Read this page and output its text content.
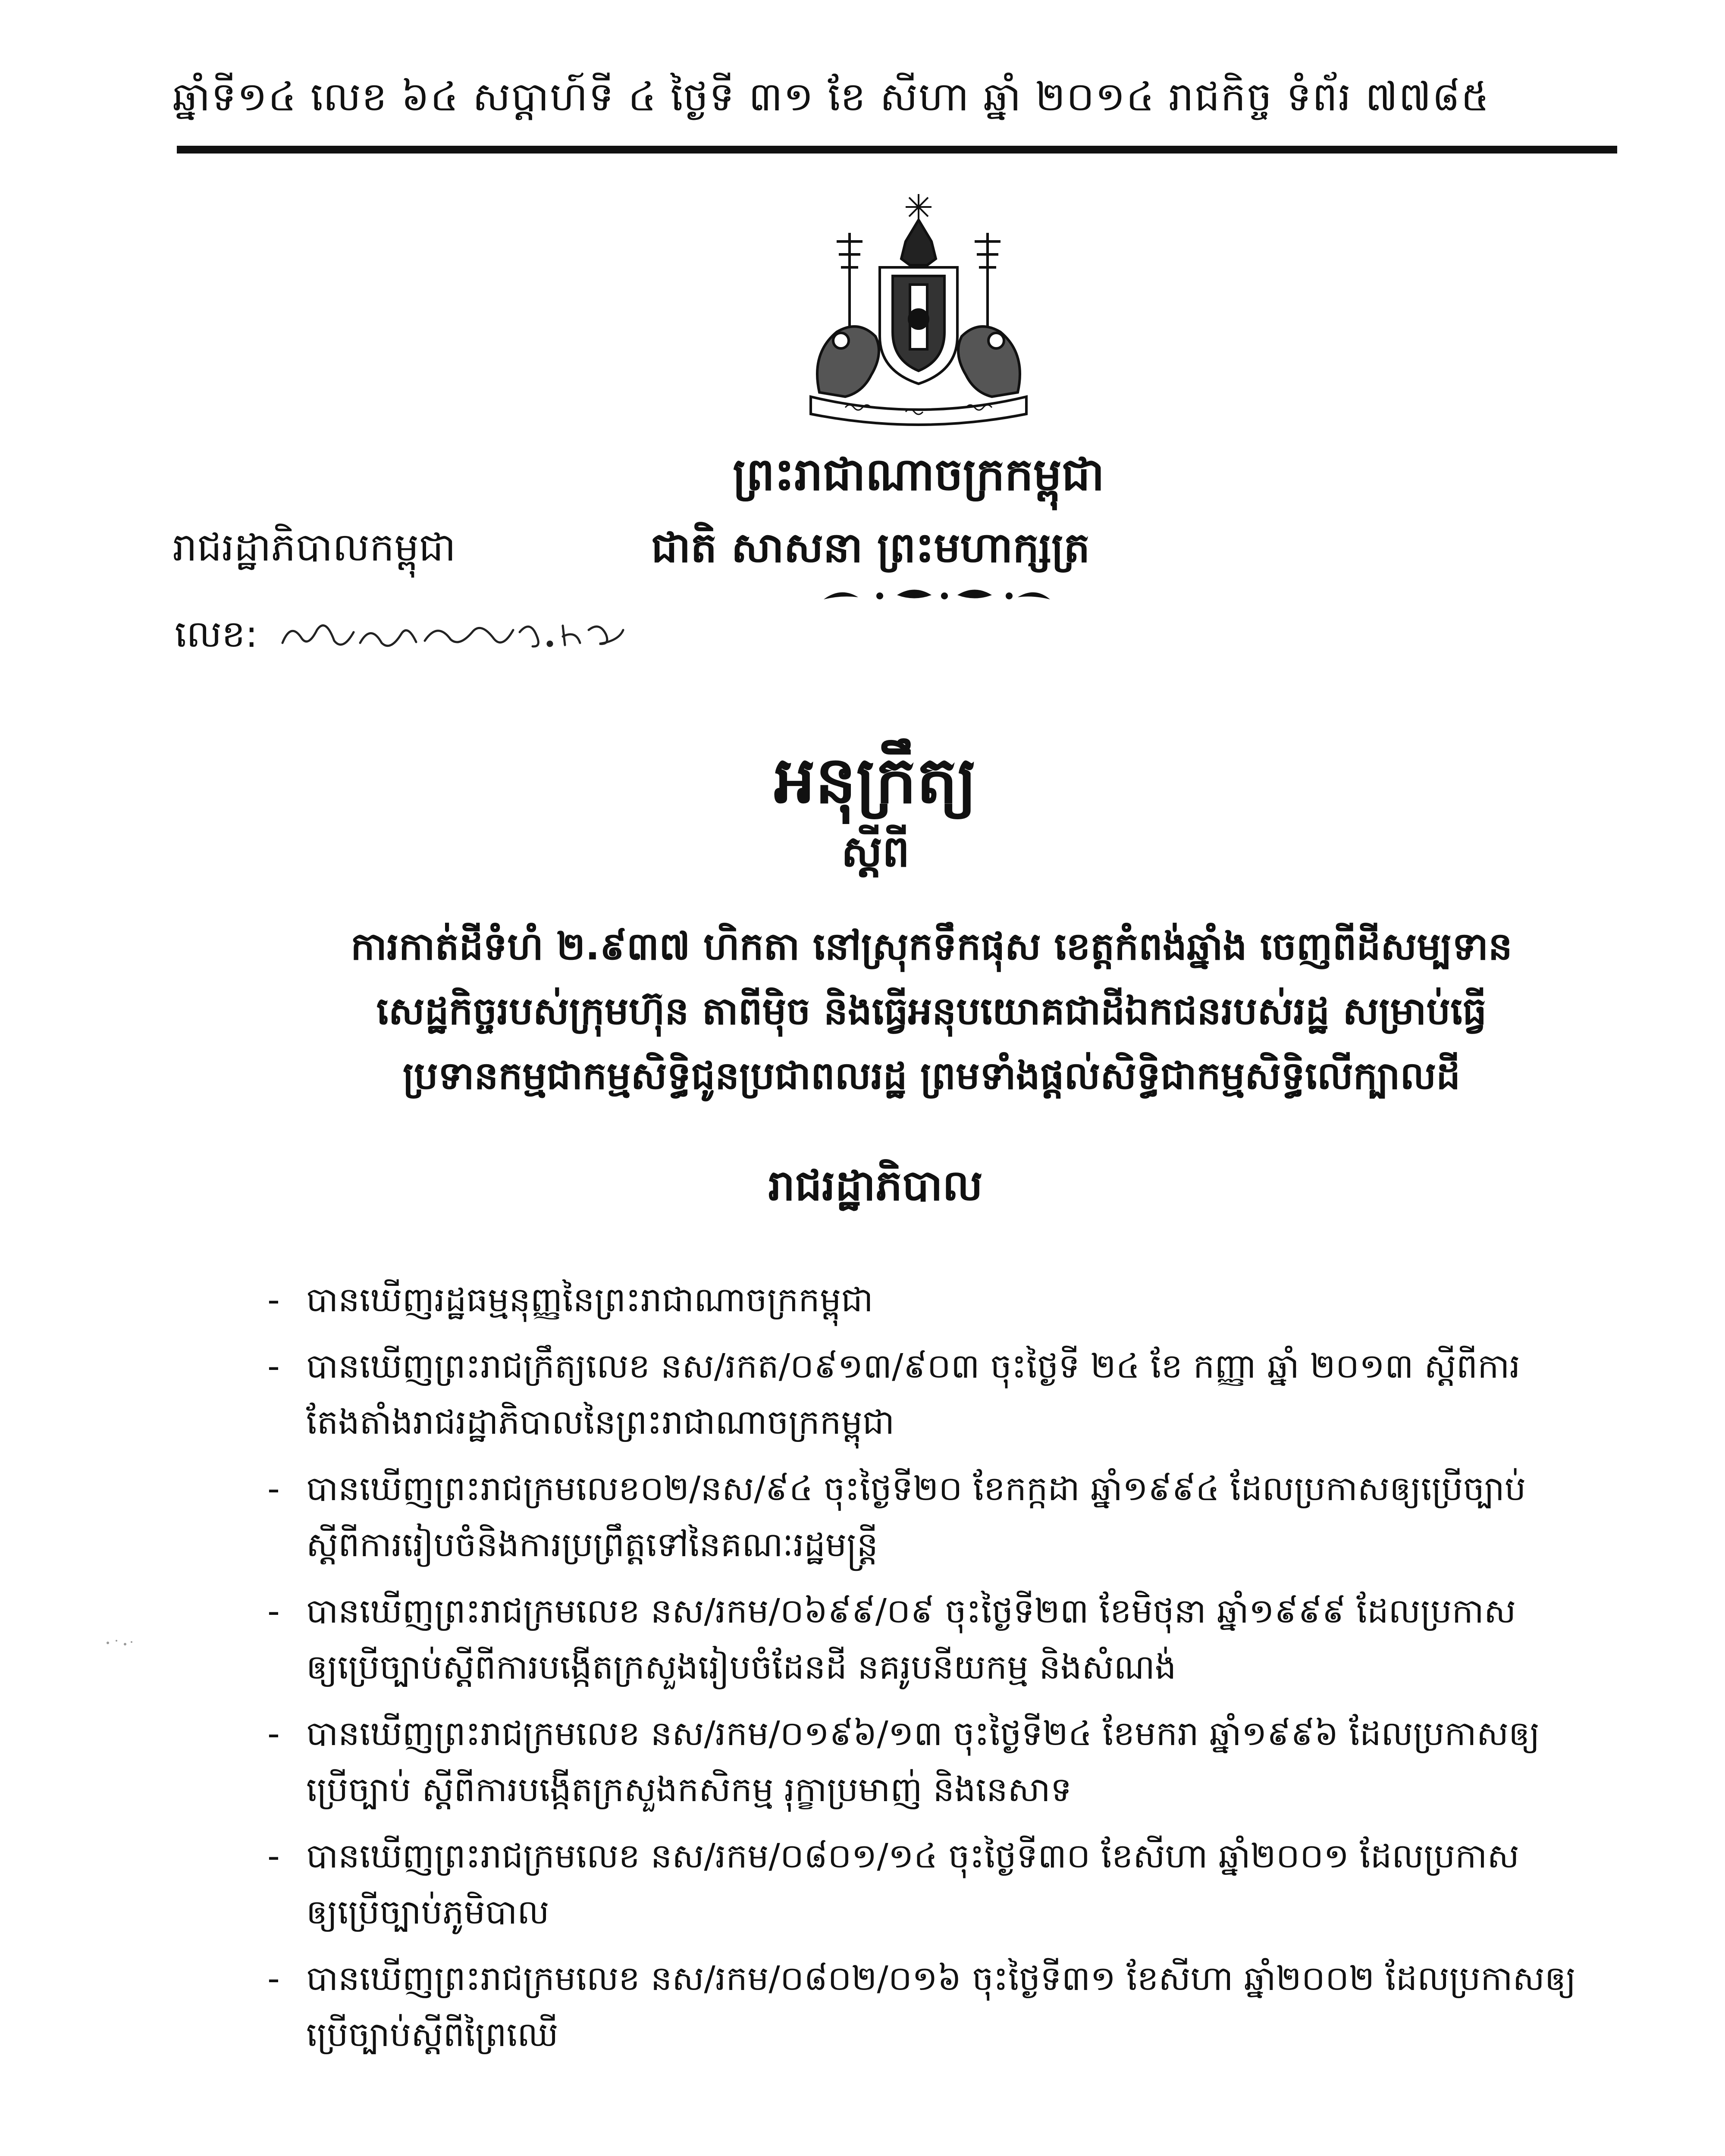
ឆ្នាំទី១៤ លេខ ៦៤ សប្តាហ៍ទី ៤ ថ្ងៃទី ៣១ ខែ សីហា ឆ្នាំ ២០១៤ រាជកិច្ច ទំព័រ ៧៧៨៥
ព្រះរាជាណាចក្រកម្ពុជា
រាជរដ្ឋាភិបាលកម្ពុជា	ជាតិ សាសនា ព្រះមហាក្សត្រ
លេខ:
អនុក្រឹត្យ
ស្តីពី
ការកាត់ដីទំហំ ២.៩៣៧ ហិកតា នៅស្រុកទឹកផុស ខេត្តកំពង់ឆ្នាំង ចេញពីដីសម្បទាន
សេដ្ឋកិច្ចរបស់ក្រុមហ៊ុន តាពីម៉ិច និងធ្វើអនុបយោគជាដីឯកជនរបស់រដ្ឋ សម្រាប់ធ្វើ
ប្រទានកម្មជាកម្មសិទ្ធិជូនប្រជាពលរដ្ឋ ព្រមទាំងផ្តល់សិទ្ធិជាកម្មសិទ្ធិលើក្បាលដី
រាជរដ្ឋាភិបាល
- បានឃើញរដ្ឋធម្មនុញ្ញនៃព្រះរាជាណាចក្រកម្ពុជា
- បានឃើញព្រះរាជក្រឹត្យលេខ នស/រកត/០៩១៣/៩០៣ ចុះថ្ងៃទី ២៤ ខែ កញ្ញា ឆ្នាំ ២០១៣ ស្តីពីការ
តែងតាំងរាជរដ្ឋាភិបាលនៃព្រះរាជាណាចក្រកម្ពុជា
- បានឃើញព្រះរាជក្រមលេខ០២/នស/៩៤ ចុះថ្ងៃទី២០ ខែកក្កដា ឆ្នាំ១៩៩៤ ដែលប្រកាសឲ្យប្រើច្បាប់
ស្តីពីការរៀបចំនិងការប្រព្រឹត្តទៅនៃគណៈរដ្ឋមន្ត្រី
- បានឃើញព្រះរាជក្រមលេខ នស/រកម/០៦៩៩/០៩ ចុះថ្ងៃទី២៣ ខែមិថុនា ឆ្នាំ១៩៩៩ ដែលប្រកាស
ឲ្យប្រើច្បាប់ស្តីពីការបង្កើតក្រសួងរៀបចំដែនដី នគរូបនីយកម្ម និងសំណង់
- បានឃើញព្រះរាជក្រមលេខ នស/រកម/០១៩៦/១៣ ចុះថ្ងៃទី២៤ ខែមករា ឆ្នាំ១៩៩៦ ដែលប្រកាសឲ្យ
ប្រើច្បាប់ ស្តីពីការបង្កើតក្រសួងកសិកម្ម រុក្ខាប្រមាញ់ និងនេសាទ
- បានឃើញព្រះរាជក្រមលេខ នស/រកម/០៨០១/១៤ ចុះថ្ងៃទី៣០ ខែសីហា ឆ្នាំ២០០១ ដែលប្រកាស
ឲ្យប្រើច្បាប់ភូមិបាល
- បានឃើញព្រះរាជក្រមលេខ នស/រកម/០៨០២/០១៦ ចុះថ្ងៃទី៣១ ខែសីហា ឆ្នាំ២០០២ ដែលប្រកាសឲ្យ
ប្រើច្បាប់ស្តីពីព្រៃឈើ
